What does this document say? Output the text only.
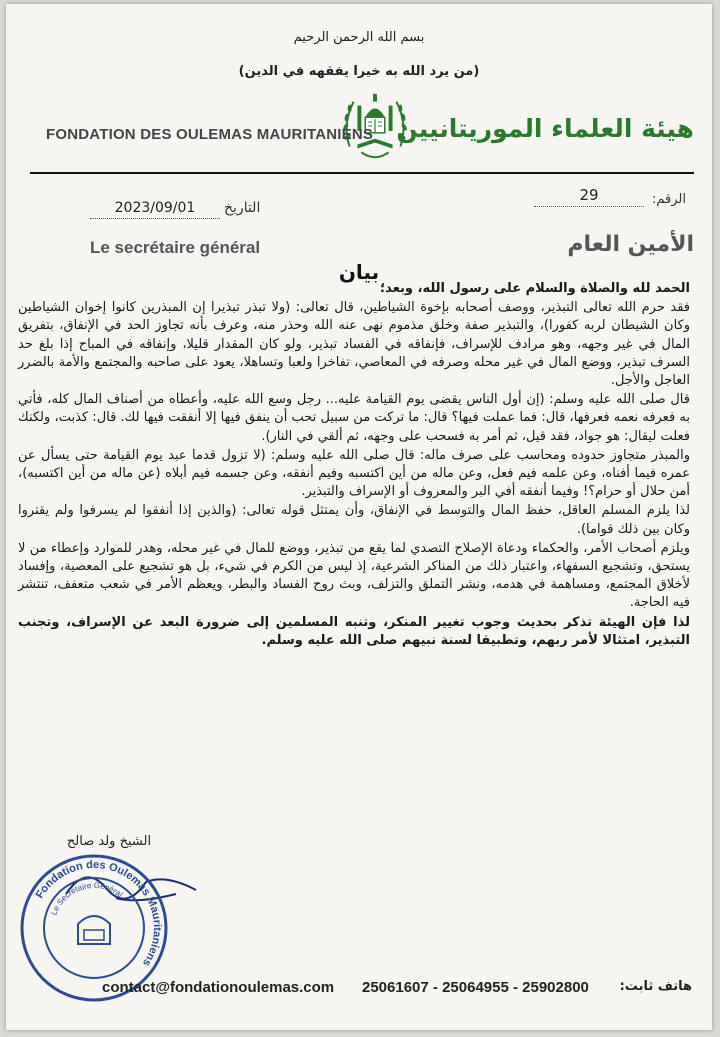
بسم الله الرحمن الرحيم
(من يرد الله به خيرا يفقهه في الدين)
FONDATION DES OULEMAS MAURITANIENS هيئة العلماء الموريتانيين
الرقم:
29
2023/09/01	التاريخ
Le secrétaire général	الأمين العام
بيان

الحمد لله والصلاة والسلام على رسول الله، وبعد؛

فقد حرم الله تعالى التبذير، ووصف أصحابه بإخوة الشياطين، قال تعالى: (ولا تبذر تبذيرا إن المبذرين كانوا إخوان الشياطين وكان الشيطان لربه كفورا)، والتبذير صفة وخلق مذموم نهى عنه الله وحذر منه، وعرف بأنه تجاوز الحد في الإنفاق، بتفريق المال في غير وجهه، وهو مرادف للإسراف، فإنفاقه في الفساد تبذير، ولو كان المقدار قليلا، وإنفاقه في المباح إذا بلغ حد السرف تبذير، ووضع المال في غير محله وصرفه في المعاصي، تفاخرا ولعبا وتساهلا، يعود على صاحبه والمجتمع والأمة بالضرر العاجل والأجل.

قال صلى الله عليه وسلم: (إن أول الناس يقضى يوم القيامة عليه... رجل وسع الله عليه، وأعطاه من أصناف المال كله، فأتي به فعرفه نعمه فعرفها، قال: فما عملت فيها؟ قال: ما تركت من سبيل تحب أن ينفق فيها إلا أنفقت فيها لك. قال: كذبت، ولكنك فعلت ليقال: هو جواد، فقد قيل، ثم أمر به فسحب على وجهه، ثم ألقي في النار).

والمبذر متجاوز حدوده ومحاسب على صرف ماله: قال صلى الله عليه وسلم: (لا تزول قدما عبد يوم القيامة حتى يسأل عن عمره فيما أفناه، وعن علمه فيم فعل، وعن ماله من أين اكتسبه وفيم أنفقه، وعن جسمه فيم أبلاه (عن ماله من أين اكتسبه)، أمن حلال أو حرام؟! وفيما أنفقه أفي البر والمعروف أو الإسراف والتبذير.

لذا يلزم المسلم العاقل، حفظ المال والتوسط في الإنفاق، وأن يمتثل قوله تعالى: (والذين إذا أنفقوا لم يسرفوا ولم يقتروا وكان بين ذلك قواما).

ويلزم أصحاب الأمر، والحكماء ودعاة الإصلاح التصدي لما يقع من تبذير، ووضع للمال في غير محله، وهدر للموارد وإعطاء من لا يستحق، وتشجيع السفهاء، واعتبار ذلك من المناكر الشرعية، إذ ليس من الكرم في شيء، بل هو تشجيع على المعصية، وإفساد لأخلاق المجتمع، ومساهمة في هدمه، ونشر التملق والتزلف، وبث روح الفساد والبطر، ويعظم الأمر في شعب متعفف، تنتشر فيه الحاجة.

لذا فإن الهيئة تذكر بحديث وجوب تغيير المنكر، وتنبه المسلمين إلى ضرورة البعد عن الإسراف، وتجنب التبذير، امتثالا لأمر ربهم، وتطبيقا لسنة نبيهم صلى الله عليه وسلم.

الشيخ ولد صالح
Fondation des Oulemas Mauritaniens
Le Secrétaire Général
contact@fondationoulemas.com 25061607 - 25064955 - 25902800 هاتف ثابت:
